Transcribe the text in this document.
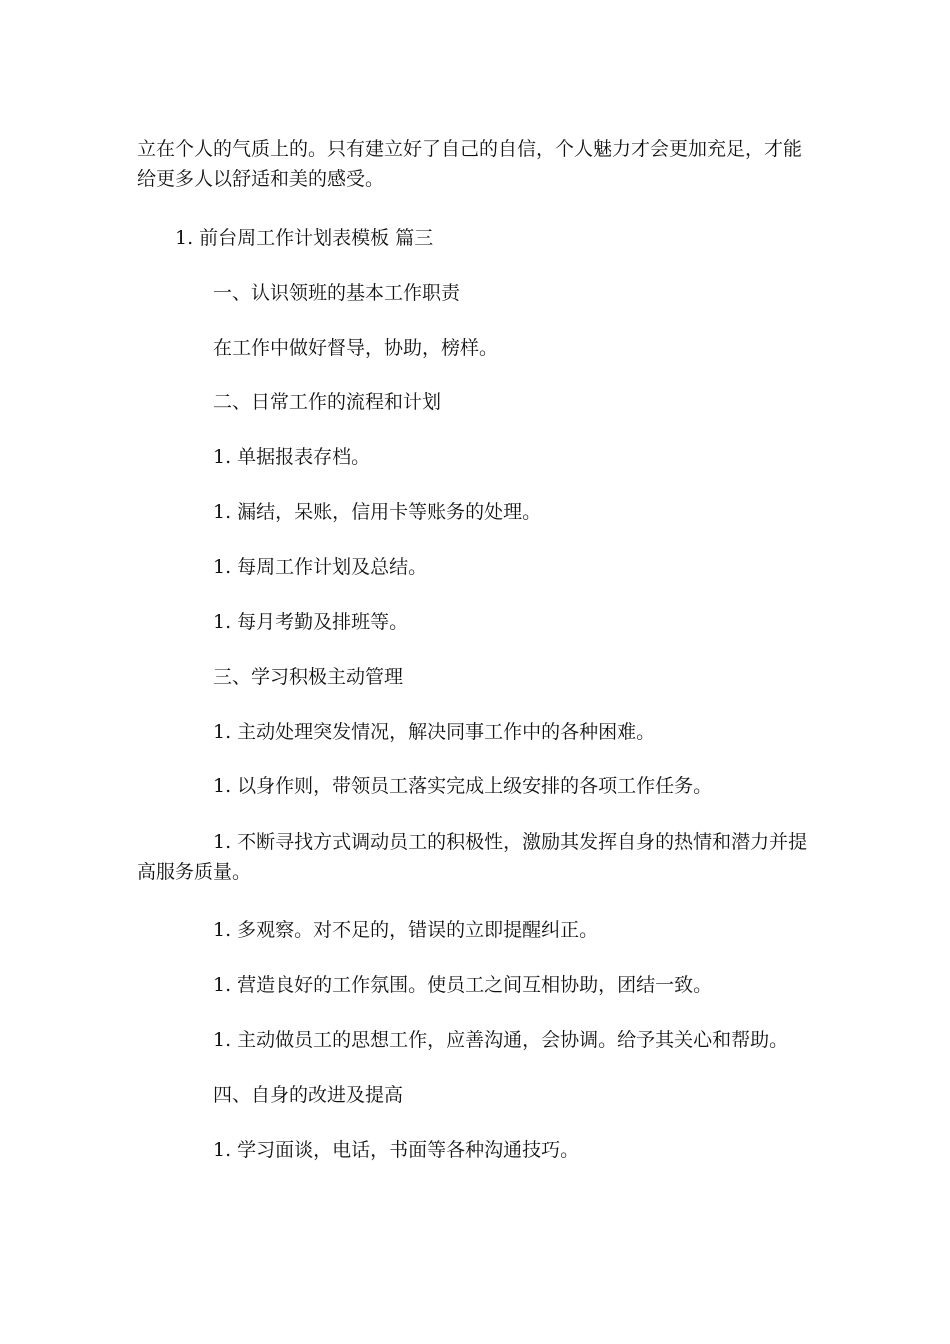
立在个人的气质上的。只有建立好了自己的自信，个人魅力才会更加充足，才能给更多人以舒适和美的感受。

1. 前台周工作计划表模板 篇三

一、认识领班的基本工作职责

在工作中做好督导，协助，榜样。

二、日常工作的流程和计划

1. 单据报表存档。

1. 漏结，呆账，信用卡等账务的处理。

1. 每周工作计划及总结。

1. 每月考勤及排班等。

三、学习积极主动管理

1. 主动处理突发情况，解决同事工作中的各种困难。

1. 以身作则，带领员工落实完成上级安排的各项工作任务。

1. 不断寻找方式调动员工的积极性，激励其发挥自身的热情和潜力并提高服务质量。

1. 多观察。对不足的，错误的立即提醒纠正。

1. 营造良好的工作氛围。使员工之间互相协助，团结一致。

1. 主动做员工的思想工作，应善沟通，会协调。给予其关心和帮助。

四、自身的改进及提高

1. 学习面谈，电话，书面等各种沟通技巧。
